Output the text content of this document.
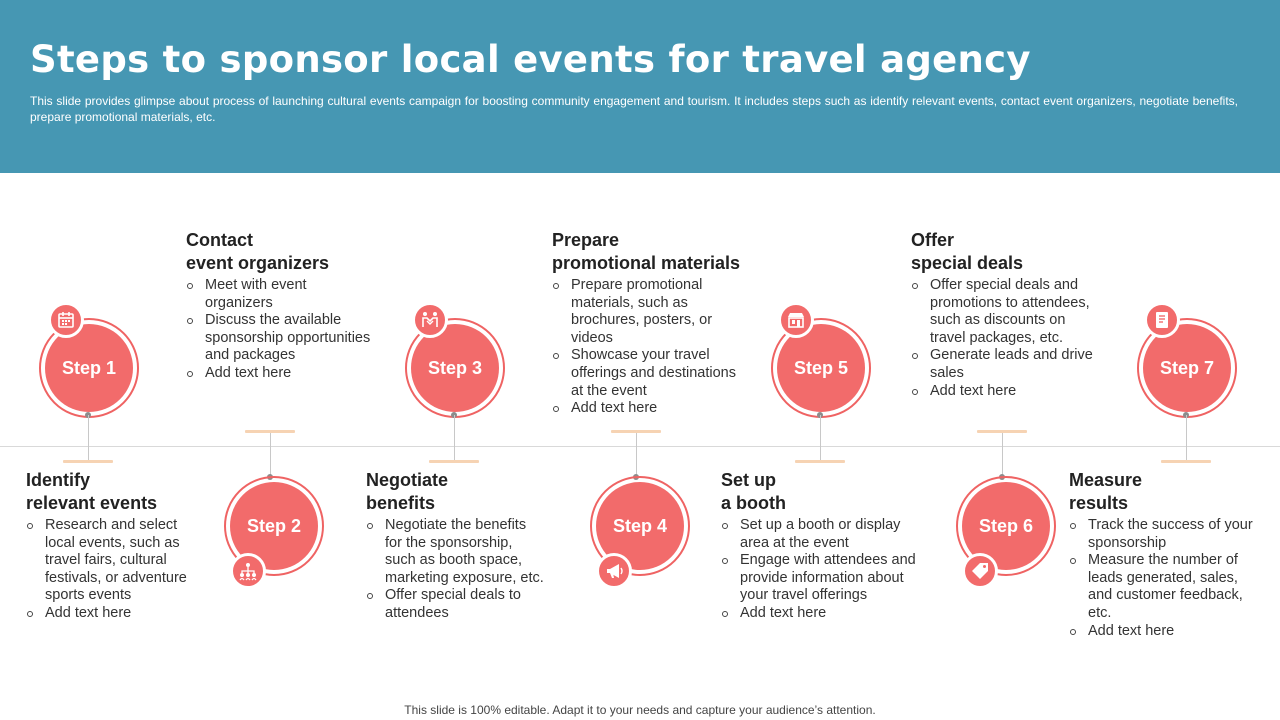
Steps to sponsor local events for travel agency
This slide provides glimpse about process of launching cultural events campaign for boosting community engagement and tourism. It includes steps such as identify relevant events, contact event organizers, negotiate benefits, prepare promotional materials, etc.
Step 1
Step 2
Step 3
Step 4
Step 5
Step 6
Step 7
Identify
relevant events
Research and select local events, such as travel fairs, cultural festivals, or adventure sports events
Add text here
Contact
event organizers
Meet with event organizers
Discuss the available sponsorship opportunities and packages
Add text here
Negotiate
benefits
Negotiate the benefits for the sponsorship, such as booth space, marketing exposure, etc.
Offer special deals to attendees
Prepare
promotional materials
Prepare promotional materials, such as brochures, posters, or videos
Showcase your travel offerings and destinations at the event
Add text here
Set up
a booth
Set up a booth or display area at the event
Engage with attendees and provide information about your travel offerings
Add text here
Offer
special deals
Offer special deals and promotions to attendees, such as discounts on travel packages, etc.
Generate leads and drive sales
Add text here
Measure
results
Track the success of your sponsorship
Measure the number of leads generated, sales, and customer feedback, etc.
Add text here
This slide is 100% editable. Adapt it to your needs and capture your audience’s attention.
